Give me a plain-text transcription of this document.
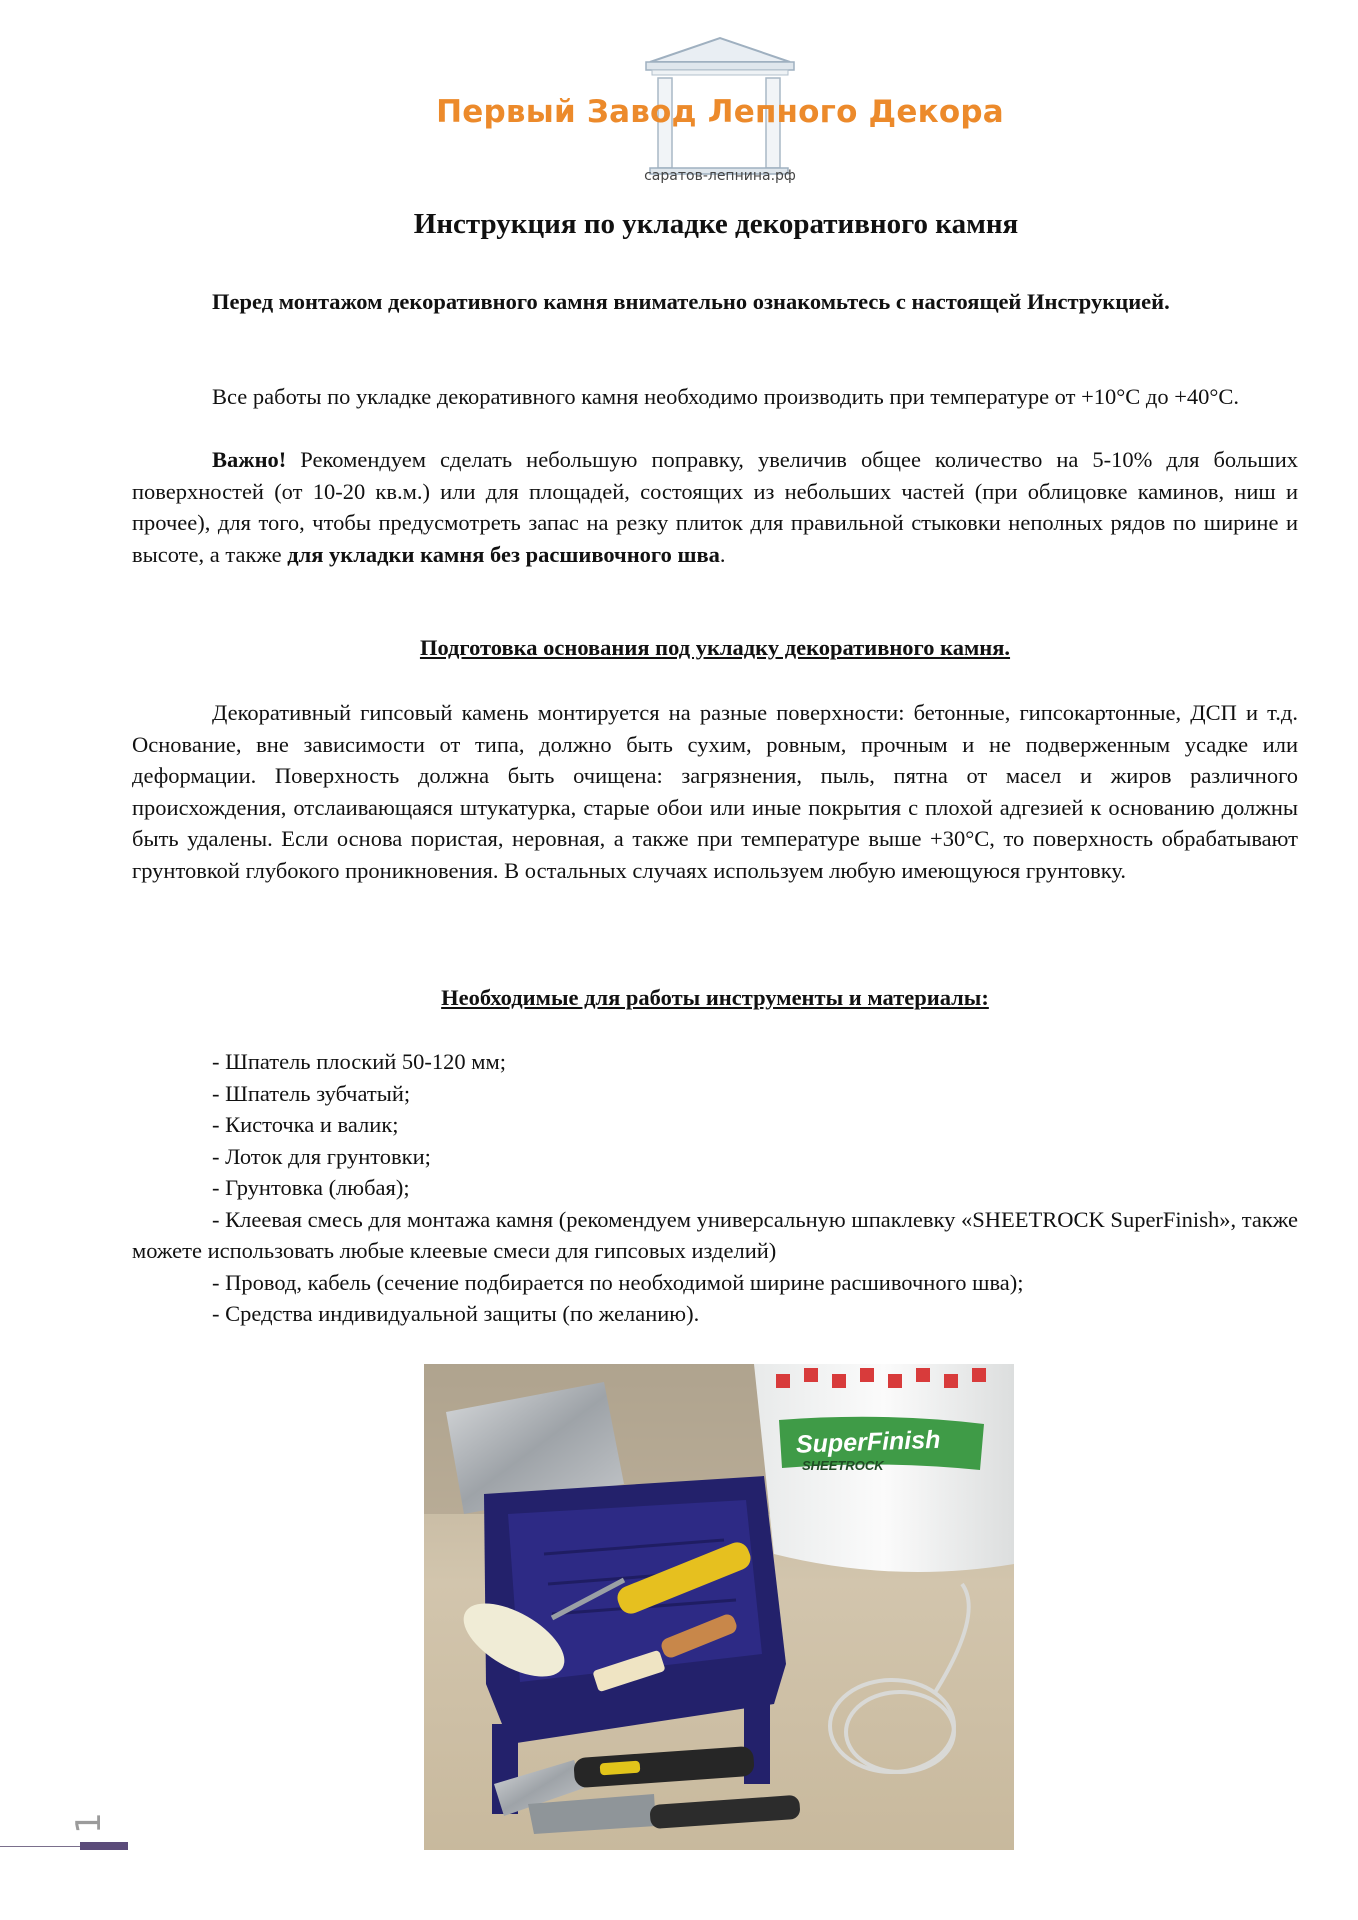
Первый Завод Лепного Декора
саратов-лепнина.рф
Инструкция по укладке декоративного камня

Перед монтажом декоративного камня внимательно ознакомьтесь с настоящей Инструкцией.

Все работы по укладке декоративного камня необходимо производить при температуре от +10°С до +40°С.

Важно! Рекомендуем сделать небольшую поправку, увеличив общее количество на 5-10% для больших поверхностей (от 10-20 кв.м.) или для площадей, состоящих из небольших частей (при облицовке каминов, ниш и прочее), для того, чтобы предусмотреть запас на резку плиток для правильной стыковки неполных рядов по ширине и высоте, а также для укладки камня без расшивочного шва.

Подготовка основания под укладку декоративного камня.

Декоративный гипсовый камень монтируется на разные поверхности: бетонные, гипсокартонные, ДСП и т.д. Основание, вне зависимости от типа, должно быть сухим, ровным, прочным и не подверженным усадке или деформации. Поверхность должна быть очищена: загрязнения, пыль, пятна от масел и жиров различного происхождения, отслаивающаяся штукатурка, старые обои или иные покрытия с плохой адгезией к основанию должны быть удалены. Если основа пористая, неровная, а также при температуре выше +30°С, то поверхность обрабатывают грунтовкой глубокого проникновения. В остальных случаях используем любую имеющуюся грунтовку.

Необходимые для работы инструменты и материалы:
- Шпатель плоский 50-120 мм;
- Шпатель зубчатый;
- Кисточка и валик;
- Лоток для грунтовки;
- Грунтовка (любая);
- Клеевая смесь для монтажа камня (рекомендуем универсальную шпаклевку «SHEETROCK SuperFinish», также можете использовать любые клеевые смеси для гипсовых изделий)
- Провод, кабель (сечение подбирается по необходимой ширине расшивочного шва);
- Средства индивидуальной защиты (по желанию).
SuperFinish
SHEETROCK
1
